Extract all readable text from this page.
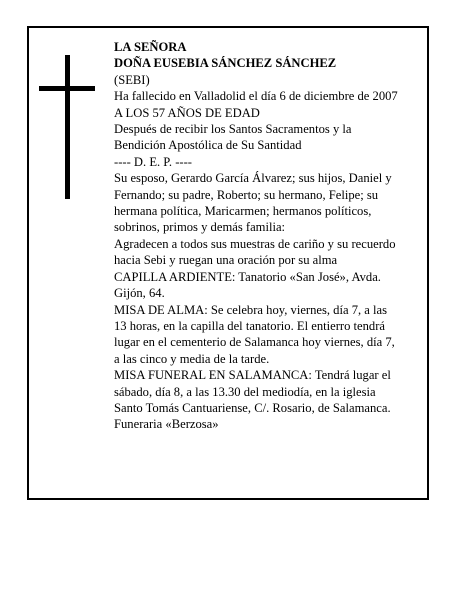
LA SEÑORA
DOÑA EUSEBIA SÁNCHEZ SÁNCHEZ
(SEBI)
Ha fallecido en Valladolid el día 6 de diciembre de 2007
A LOS 57 AÑOS DE EDAD
Después de recibir los Santos Sacramentos y la
Bendición Apostólica de Su Santidad
---- D. E. P. ----
Su esposo, Gerardo García Álvarez; sus hijos, Daniel y
Fernando; su padre, Roberto; su hermano, Felipe; su
hermana política, Maricarmen; hermanos políticos,
sobrinos, primos y demás familia:
Agradecen a todos sus muestras de cariño y su recuerdo
hacia Sebi y ruegan una oración por su alma
CAPILLA ARDIENTE: Tanatorio «San José», Avda.
Gijón, 64.
MISA DE ALMA: Se celebra hoy, viernes, día 7, a las
13 horas, en la capilla del tanatorio. El entierro tendrá
lugar en el cementerio de Salamanca hoy viernes, día 7,
a las cinco y media de la tarde.
MISA FUNERAL EN SALAMANCA: Tendrá lugar el
sábado, día 8, a las 13.30 del mediodía, en la iglesia
Santo Tomás Cantuariense, C/. Rosario, de Salamanca.
Funeraria «Berzosa»
